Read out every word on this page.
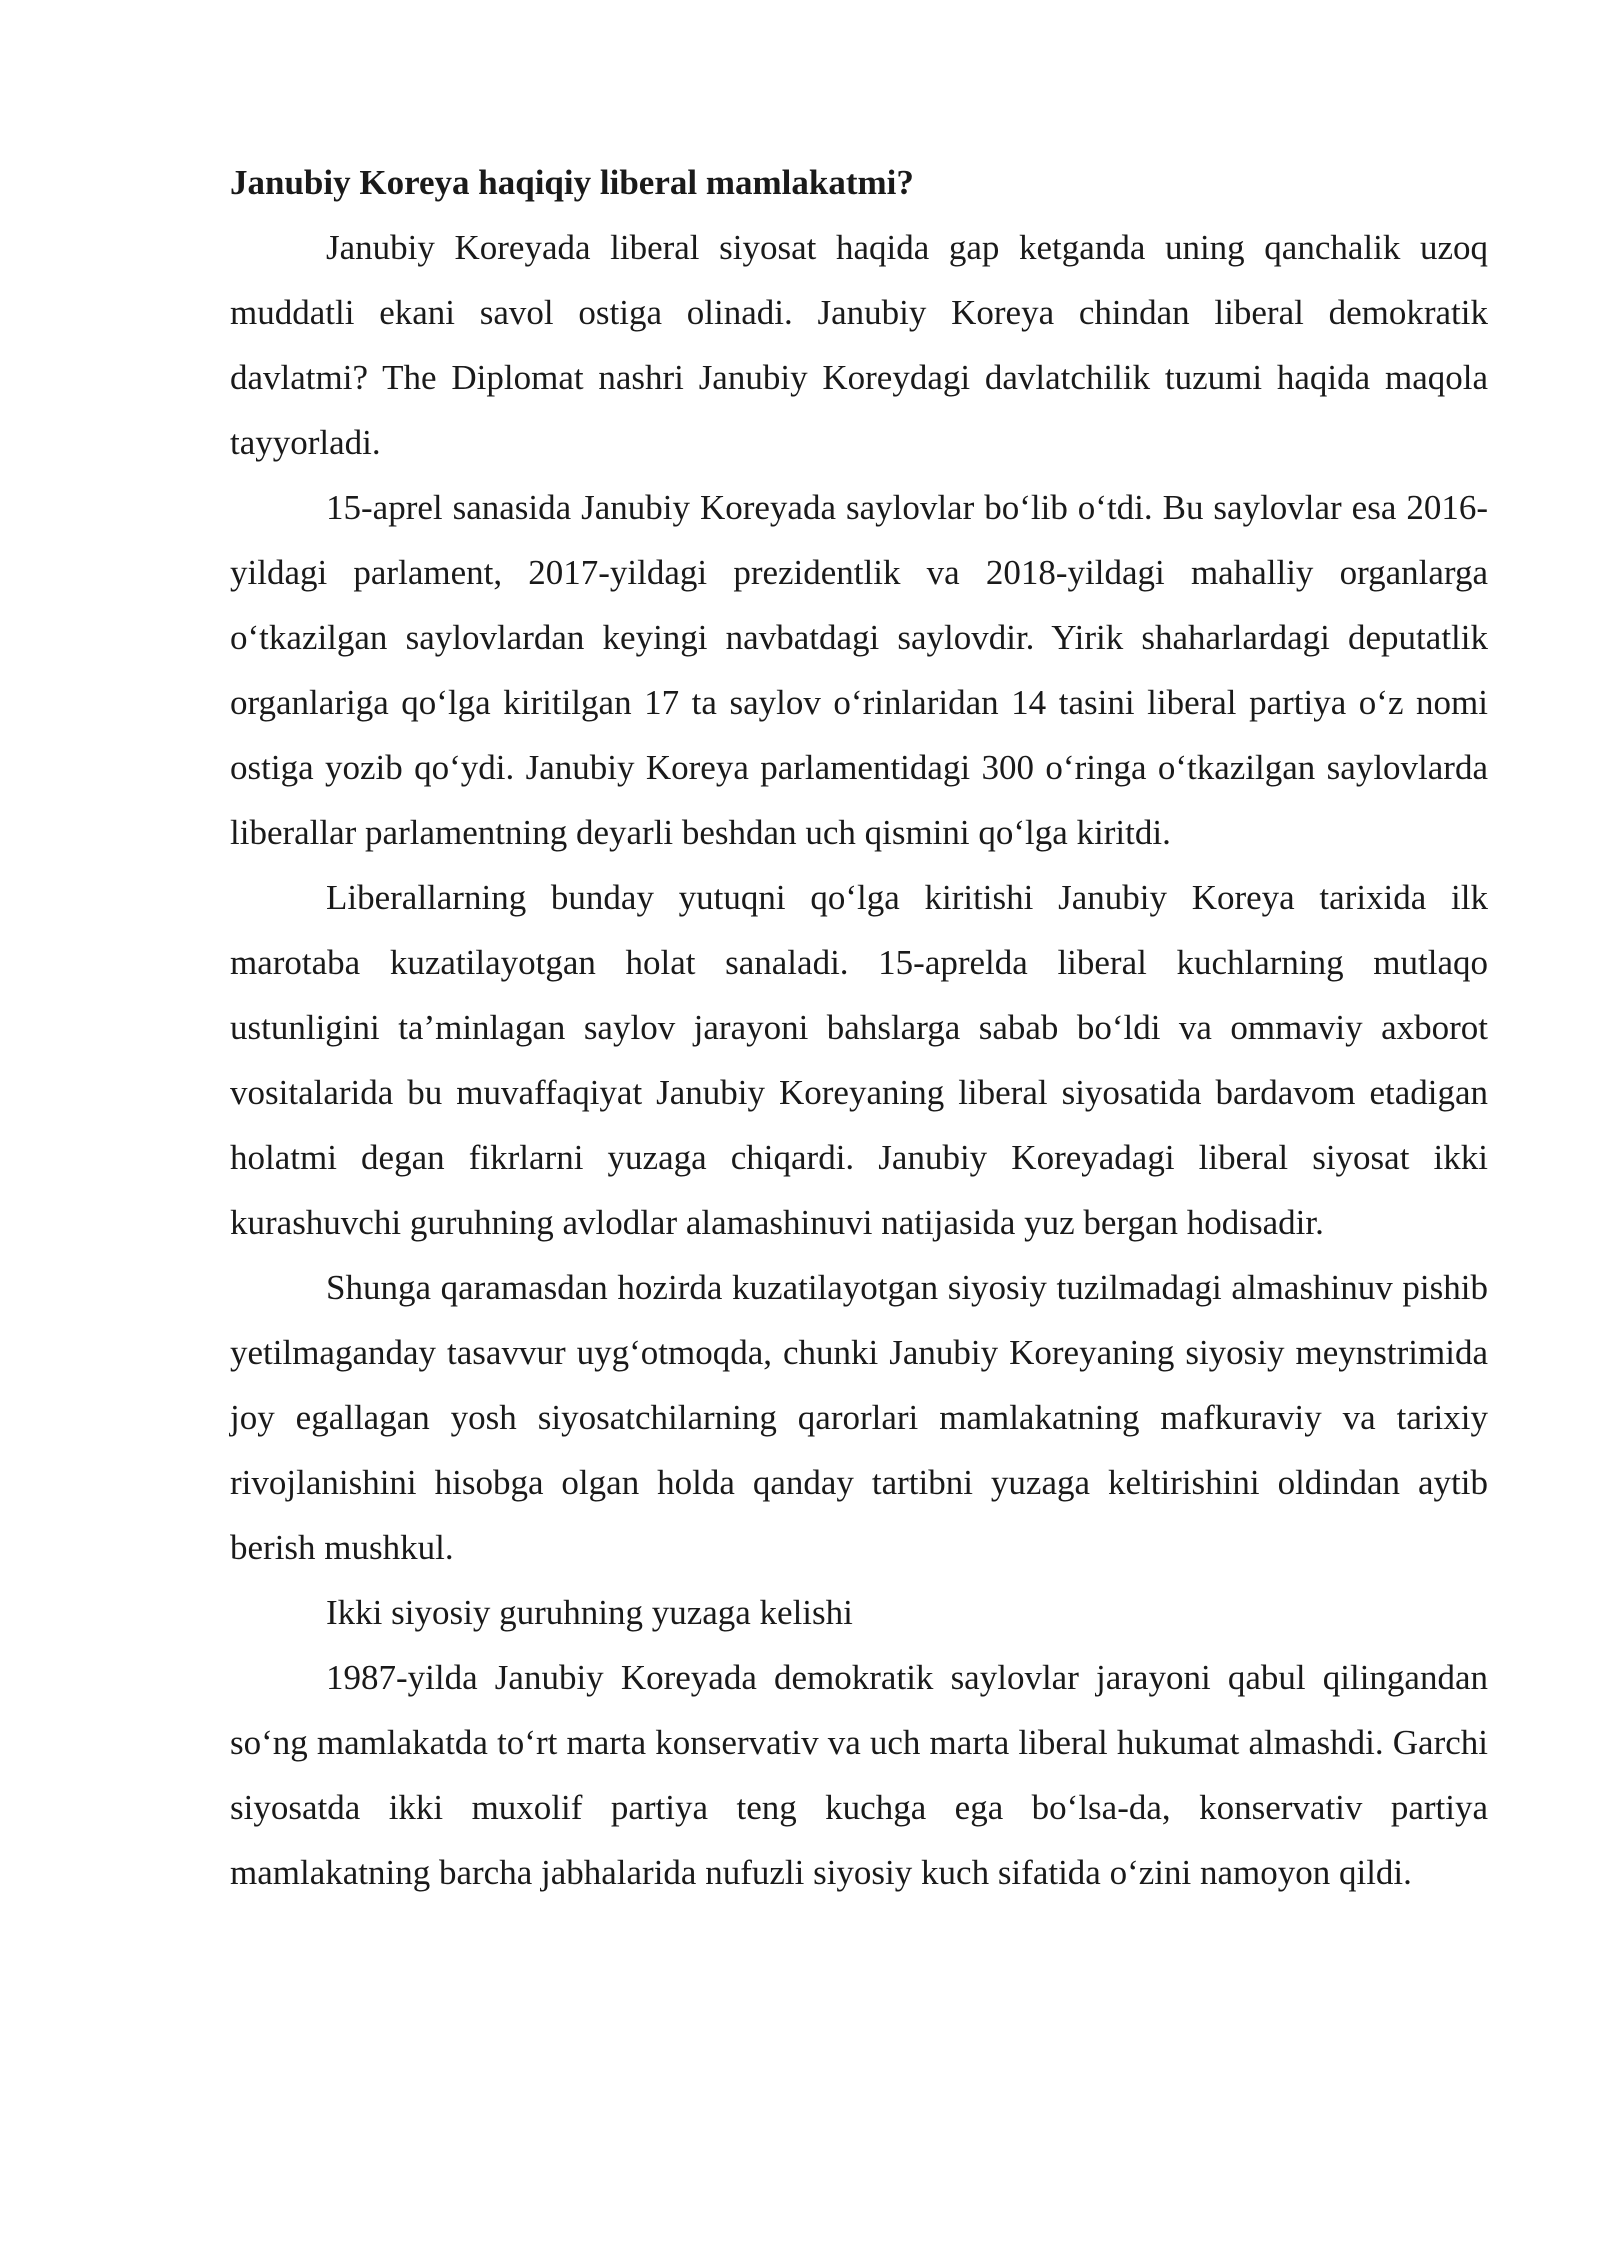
Janubiy Koreya haqiqiy liberal mamlakatmi?

Janubiy Koreyada liberal siyosat haqida gap ketganda uning qanchalik uzoq muddatli ekani savol ostiga olinadi. Janubiy Koreya chindan liberal demokratik davlatmi? The Diplomat nashri Janubiy Koreydagi davlatchilik tuzumi haqida maqola tayyorladi.

15-aprel sanasida Janubiy Koreyada saylovlar bo‘lib o‘tdi. Bu saylovlar esa 2016-yildagi parlament, 2017-yildagi prezidentlik va 2018-yildagi mahalliy organlarga o‘tkazilgan saylovlardan keyingi navbatdagi saylovdir. Yirik shaharlardagi deputatlik organlariga qo‘lga kiritilgan 17 ta saylov o‘rinlaridan 14 tasini liberal partiya o‘z nomi ostiga yozib qo‘ydi. Janubiy Koreya parlamentidagi 300 o‘ringa o‘tkazilgan saylovlarda liberallar parlamentning deyarli beshdan uch qismini qo‘lga kiritdi.

Liberallarning bunday yutuqni qo‘lga kiritishi Janubiy Koreya tarixida ilk marotaba kuzatilayotgan holat sanaladi. 15-aprelda liberal kuchlarning mutlaqo ustunligini ta’minlagan saylov jarayoni bahslarga sabab bo‘ldi va ommaviy axborot vositalarida bu muvaffaqiyat Janubiy Koreyaning liberal siyosatida bardavom etadigan holatmi degan fikrlarni yuzaga chiqardi. Janubiy Koreyadagi liberal siyosat ikki kurashuvchi guruhning avlodlar alamashinuvi natijasida yuz bergan hodisadir.

Shunga qaramasdan hozirda kuzatilayotgan siyosiy tuzilmadagi almashinuv pishib yetilmaganday tasavvur uyg‘otmoqda, chunki Janubiy Koreyaning siyosiy meynstrimida joy egallagan yosh siyosatchilarning qarorlari mamlakatning mafkuraviy va tarixiy rivojlanishini hisobga olgan holda qanday tartibni yuzaga keltirishini oldindan aytib berish mushkul.

Ikki siyosiy guruhning yuzaga kelishi

1987-yilda Janubiy Koreyada demokratik saylovlar jarayoni qabul qilingandan so‘ng mamlakatda to‘rt marta konservativ va uch marta liberal hukumat almashdi. Garchi siyosatda ikki muxolif partiya teng kuchga ega bo‘lsa-da, konservativ partiya mamlakatning barcha jabhalarida nufuzli siyosiy kuch sifatida o‘zini namoyon qildi.
